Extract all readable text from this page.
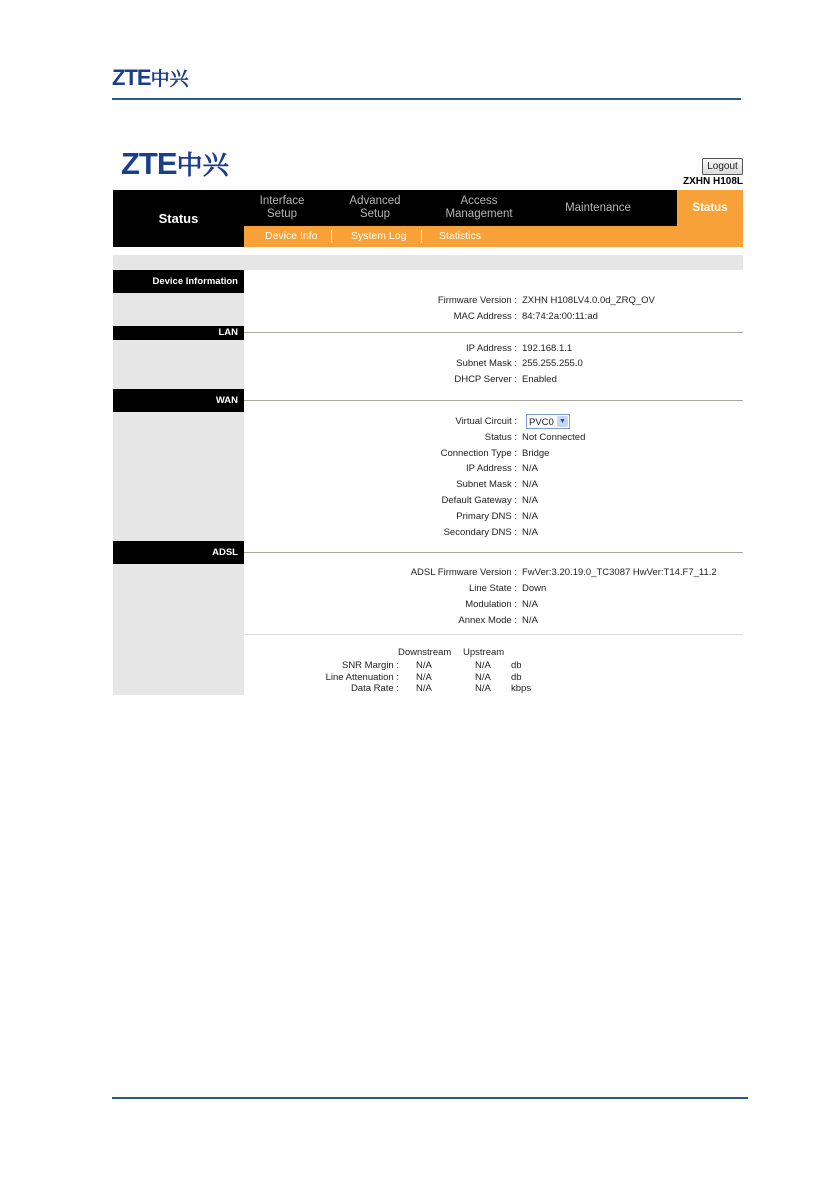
ZTE中兴
ZTE中兴	Logout
ZXHN H108L
Status
Interface
Setup
Advanced
Setup
Access
Management
Maintenance	Status
Device Info	System Log	Statistics
Device Information
Firmware Version : ZXHN H108LV4.0.0d_ZRQ_OV
MAC Address : 84:74:2a:00:11:ad
LAN
IP Address : 192.168.1.1
Subnet Mask : 255.255.255.0
DHCP Server : Enabled
WAN
Virtual Circuit :	PVC0 ▼
Status : Not Connected
Connection Type : Bridge
IP Address : N/A
Subnet Mask : N/A
Default Gateway : N/A
Primary DNS : N/A
Secondary DNS : N/A
ADSL
ADSL Firmware Version : FwVer:3.20.19.0_TC3087 HwVer:T14.F7_11.2
Line State : Down
Modulation : N/A
Annex Mode : N/A
Downstream Upstream
SNR Margin : N/A	N/A db
Line Attenuation : N/A	N/A db
Data Rate : N/A	N/A kbps
